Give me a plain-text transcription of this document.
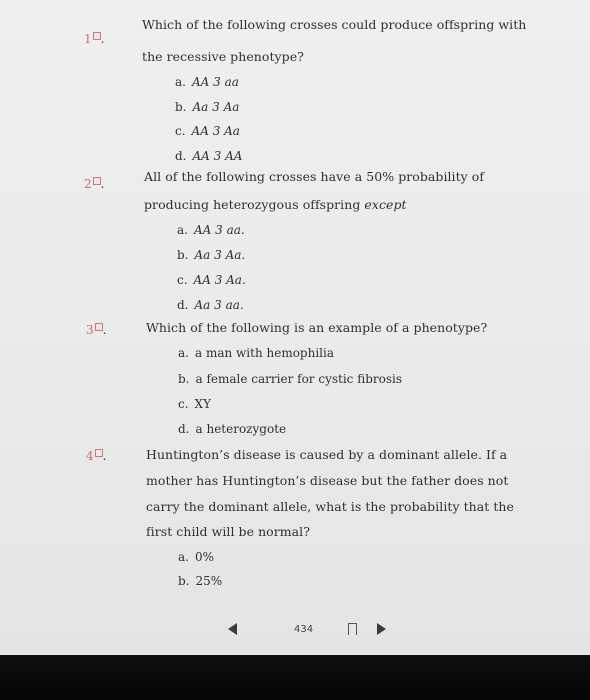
1 .
Which of the following crosses could produce offspring with
the recessive phenotype?
a. AA 3 aa
b. Aa 3 Aa
c. AA 3 Aa
d. AA 3 AA
2 .	All of the following crosses have a 50% probability of
producing heterozygous offspring except
a. AA 3 aa.
b. Aa 3 Aa.
c. AA 3 Aa.
d. Aa 3 aa.
3 .	Which of the following is an example of a phenotype?
a. a man with hemophilia
b. a female carrier for cystic fibrosis
c. XY
d. a heterozygote
4 .	Huntington’s disease is caused by a dominant allele. If a
mother has Huntington’s disease but the father does not
carry the dominant allele, what is the probability that the
first child will be normal?
a. 0%
b. 25%
434
